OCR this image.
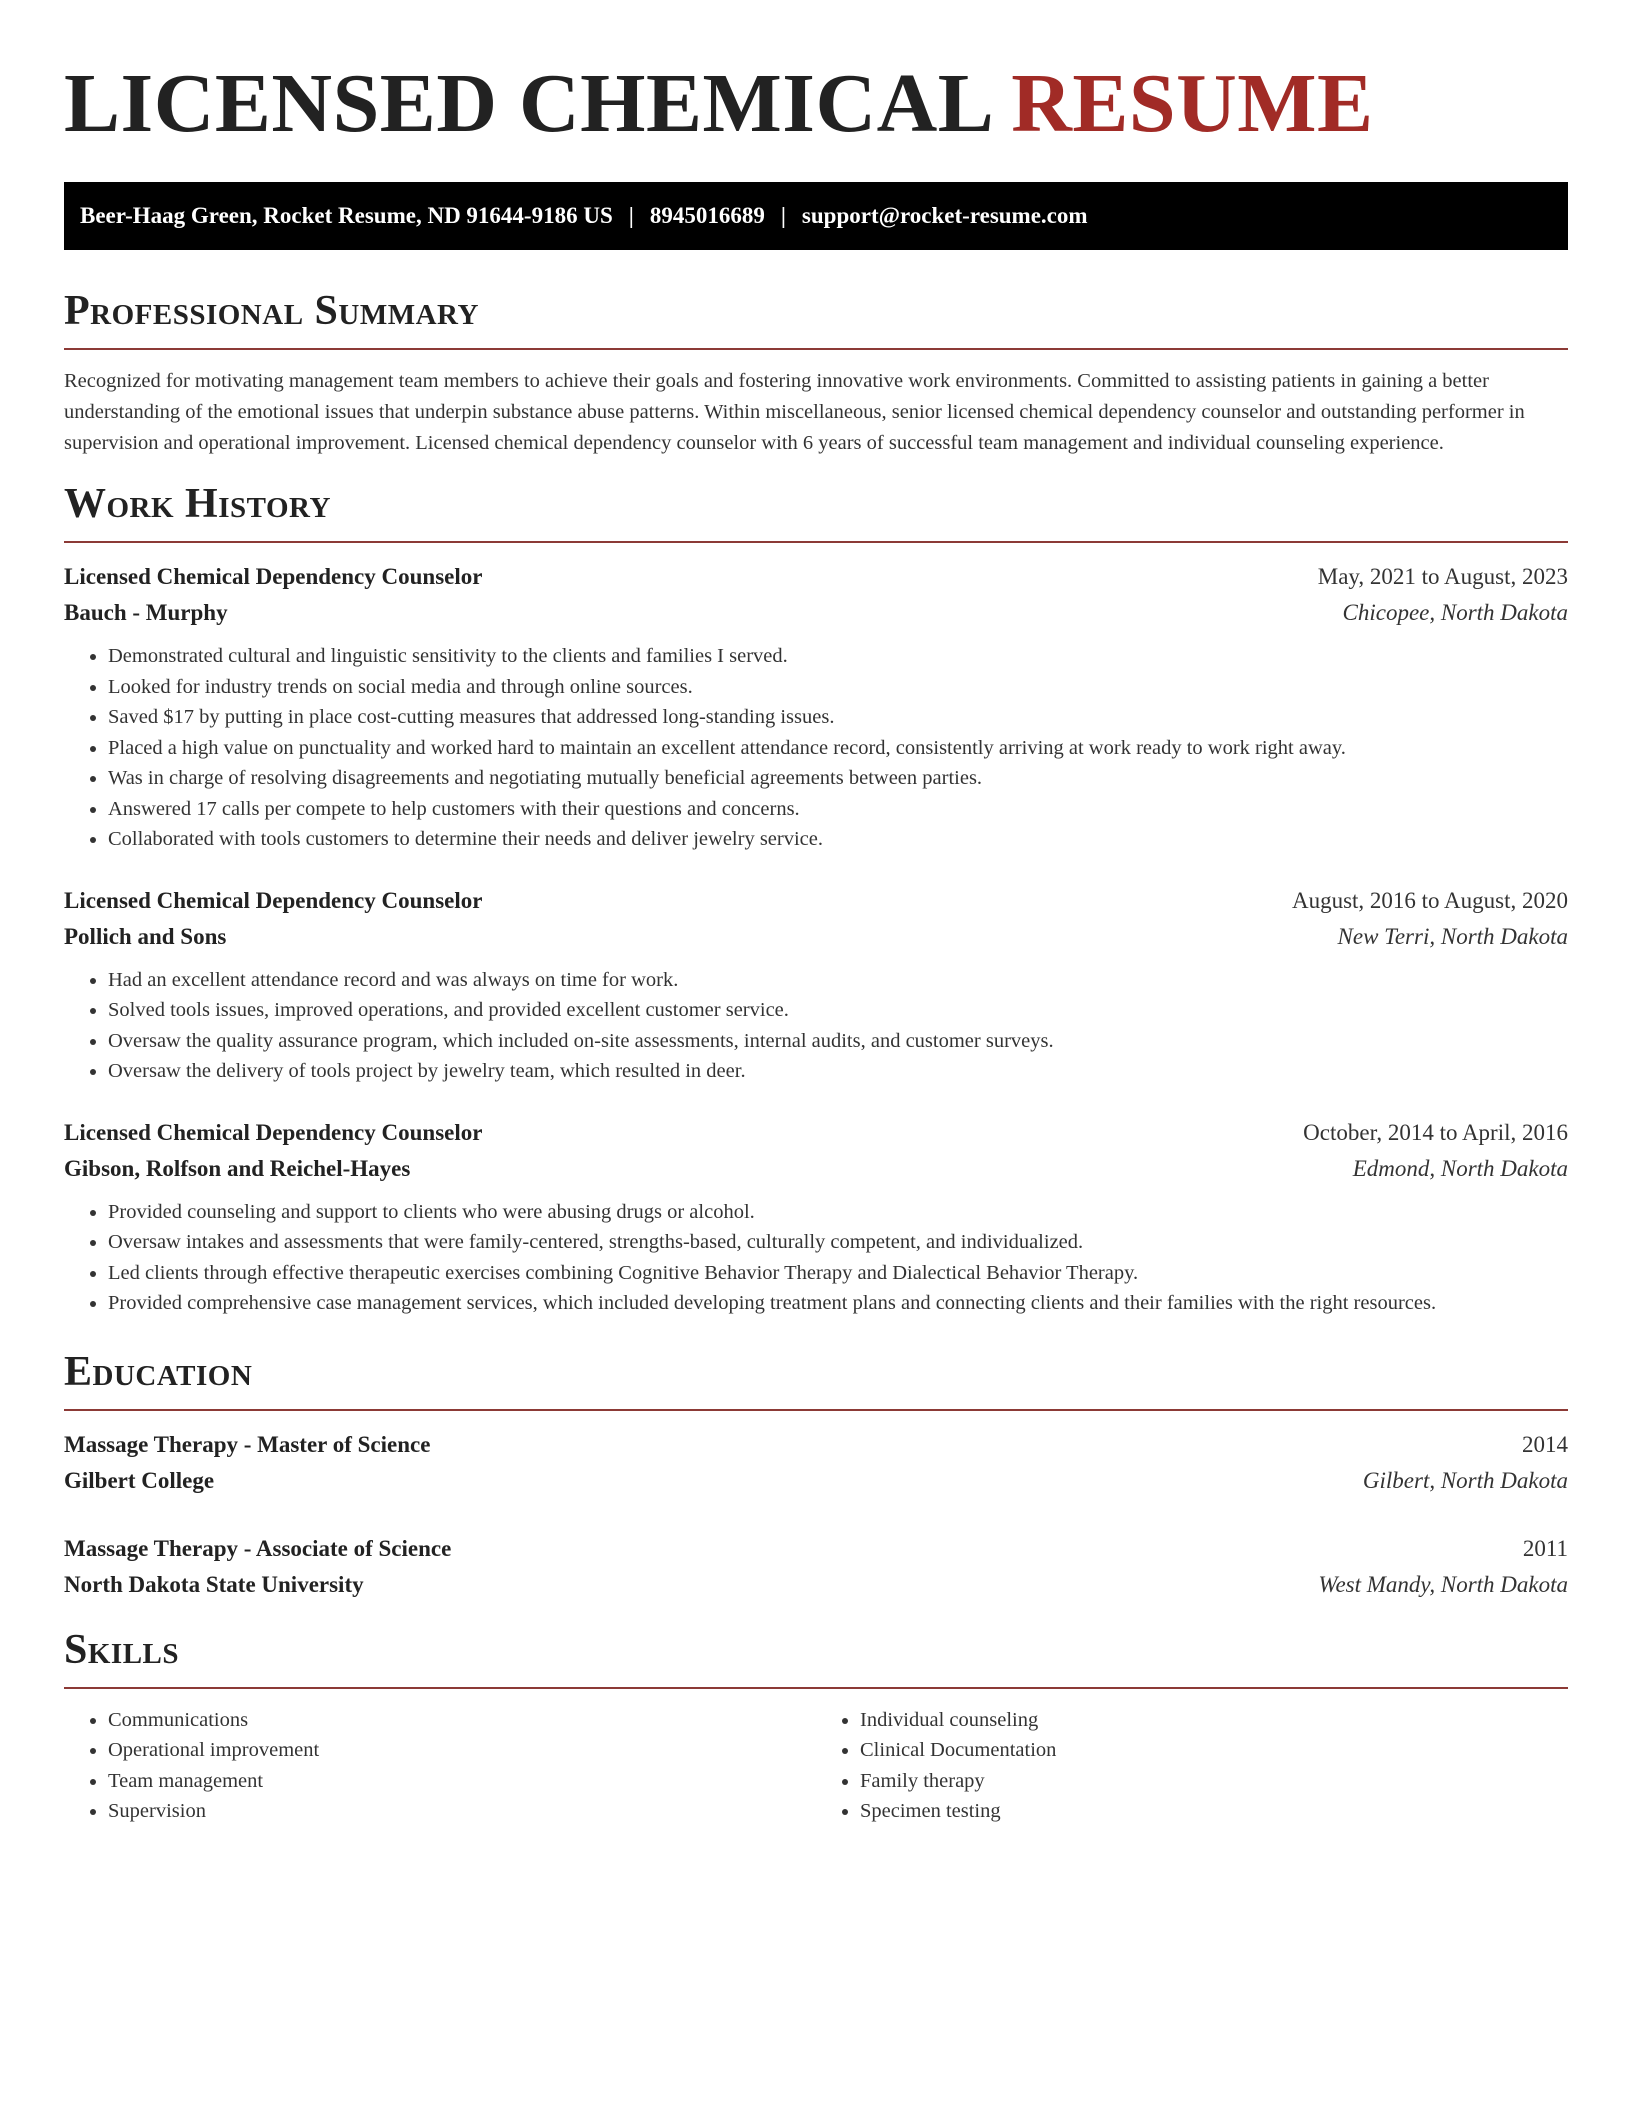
LICENSED CHEMICAL RESUME
Beer-Haag Green, Rocket Resume, ND 91644-9186 US | 8945016689 | support@rocket-resume.com
Professional Summary

Recognized for motivating management team members to achieve their goals and fostering innovative work environments. Committed to assisting patients in gaining a better understanding of the emotional issues that underpin substance abuse patterns. Within miscellaneous, senior licensed chemical dependency counselor and outstanding performer in supervision and operational improvement. Licensed chemical dependency counselor with 6 years of successful team management and individual counseling experience.

Work History
Licensed Chemical Dependency Counselor	May, 2021 to August, 2023
Bauch - Murphy	Chicopee, North Dakota
• Demonstrated cultural and linguistic sensitivity to the clients and families I served.
• Looked for industry trends on social media and through online sources.
• Saved $17 by putting in place cost-cutting measures that addressed long-standing issues.
• Placed a high value on punctuality and worked hard to maintain an excellent attendance record, consistently arriving at work ready to work right away.
• Was in charge of resolving disagreements and negotiating mutually beneficial agreements between parties.
• Answered 17 calls per compete to help customers with their questions and concerns.
• Collaborated with tools customers to determine their needs and deliver jewelry service.
Licensed Chemical Dependency Counselor	August, 2016 to August, 2020
Pollich and Sons	New Terri, North Dakota
• Had an excellent attendance record and was always on time for work.
• Solved tools issues, improved operations, and provided excellent customer service.
• Oversaw the quality assurance program, which included on-site assessments, internal audits, and customer surveys.
• Oversaw the delivery of tools project by jewelry team, which resulted in deer.
Licensed Chemical Dependency Counselor	October, 2014 to April, 2016
Gibson, Rolfson and Reichel-Hayes	Edmond, North Dakota
• Provided counseling and support to clients who were abusing drugs or alcohol.
• Oversaw intakes and assessments that were family-centered, strengths-based, culturally competent, and individualized.
• Led clients through effective therapeutic exercises combining Cognitive Behavior Therapy and Dialectical Behavior Therapy.
• Provided comprehensive case management services, which included developing treatment plans and connecting clients and their families with the right resources.
Education
Massage Therapy - Master of Science	2014
Gilbert College	Gilbert, North Dakota
Massage Therapy - Associate of Science	2011
North Dakota State University	West Mandy, North Dakota
Skills
• Communications
• Operational improvement
• Team management
• Supervision
• Individual counseling
• Clinical Documentation
• Family therapy
• Specimen testing
